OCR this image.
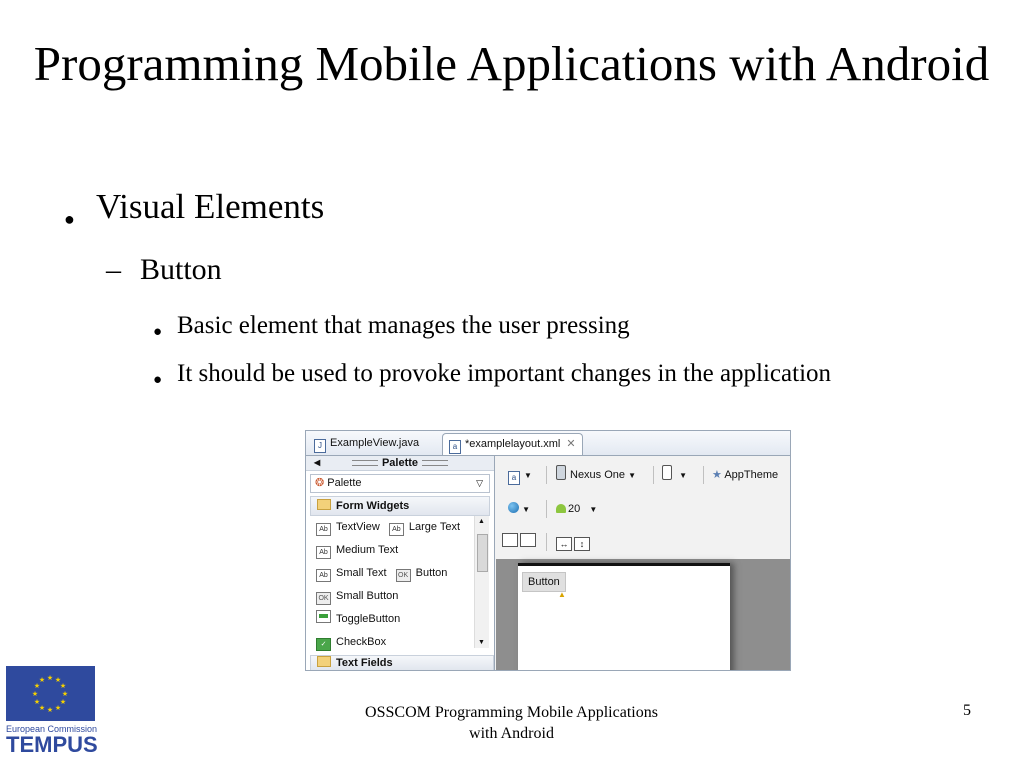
Programming Mobile Applications with Android
● Visual Elements
– Button
● Basic element that manages the user pressing
● It should be used to provoke important changes in the application
J ExampleView.java	a *examplelayout.xml ✕
◀	Palette
❂ Palette	▽
Form Widgets
Ab TextView Ab Large Text
Ab Medium Text
Ab Small Text OK Button
OK Small Button
ToggleButton
✓ CheckBox
▲
▼
Text Fields
a ▼	Nexus One ▼	▼ ★ AppTheme
▼	20 ▼
↔ ↕
Button
▲
★ ★
★
★
★
★
★
★
★
★
★
★
European Commission
TEMPUS
OSSCOM Programming Mobile Applications with Android
5
